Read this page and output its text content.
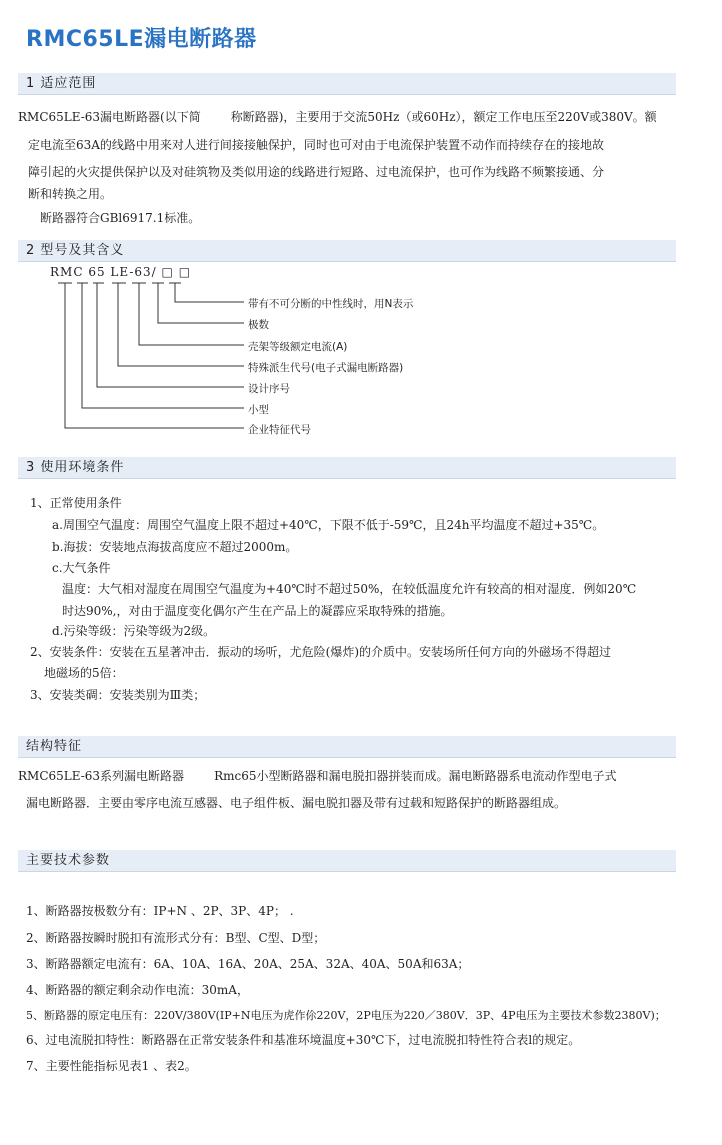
RMC65LE漏电断路器
1 适应范围
RMC65LE-63漏电断路器(以下简	称断路器)，主要用于交流50Hz（或60Hz），额定工作电压至220V或380V。额
定电流至63A的线路中用来对人进行间接接触保护，同时也可对由于电流保护装置不动作而持续存在的接地故
障引起的火灾提供保护以及对硅筑物及类似用途的线路进行短路、过电流保护，也可作为线路不频繁接通、分
断和转换之用。
断路器符合GBl6917.1标准。
2 型号及其含义
RMC 65 LE-63/ □ □
带有不可分断的中性线时，用N表示
极数
壳架等级额定电流(A)
特殊派生代号(电子式漏电断路器)
设计序号
小型
企业特征代号
3 使用环境条件
1、正常使用条件
a.周围空气温度：周围空气温度上限不超过+40℃，下限不低于-59℃，且24h平均温度不超过+35℃。
b.海拔：安装地点海拔高度应不超过2000m。
c.大气条件
温度：大气相对湿度在周围空气温度为+40℃时不超过50%，在较低温度允许有较高的相对湿度．例如20℃
时达90%,，对由于温度变化偶尔产生在产品上的凝霹应采取特殊的措施。
d.污染等级：污染等级为2级。
2、安装条件：安装在五星著冲击．振动的场听，尤危险(爆炸)的介质中。安装场所任何方向的外磁场不得超过
地磁场的5倍：
3、安装类碉：安装类别为Ⅲ类；
结构特征
RMC65LE-63系列漏电断路器	Rmc65小型断路器和漏电脱扣器拼装而成。漏电断路器系电流动作型电子式
漏电断路器．主要由零序电流互感器、电子组件板、漏电脱扣器及带有过载和短路保护的断路器组成。
主要技术参数
1、断路器按极数分有：IP+N 、2P、3P、4P； .
2、断路器按瞬时脱扣有流形式分有：B型、C型、D型；
3、断路器额定电流有：6A、10A、16A、20A、25A、32A、40A、50A和63A；
4、断路器的额定剩余动作电流：30mA，
5、断路器的原定电压有：220V/380V(IP+N电压为虎作伱220V，2P电压为220／380V．3P、4P电压为主要技术参数2380V)；
6、过电流脱扣特性：断路器在正常安装条件和基准环境温度+30℃下，过电流脱扣特性符合表l的规定。
7、主要性能指标见表1 、表2。
